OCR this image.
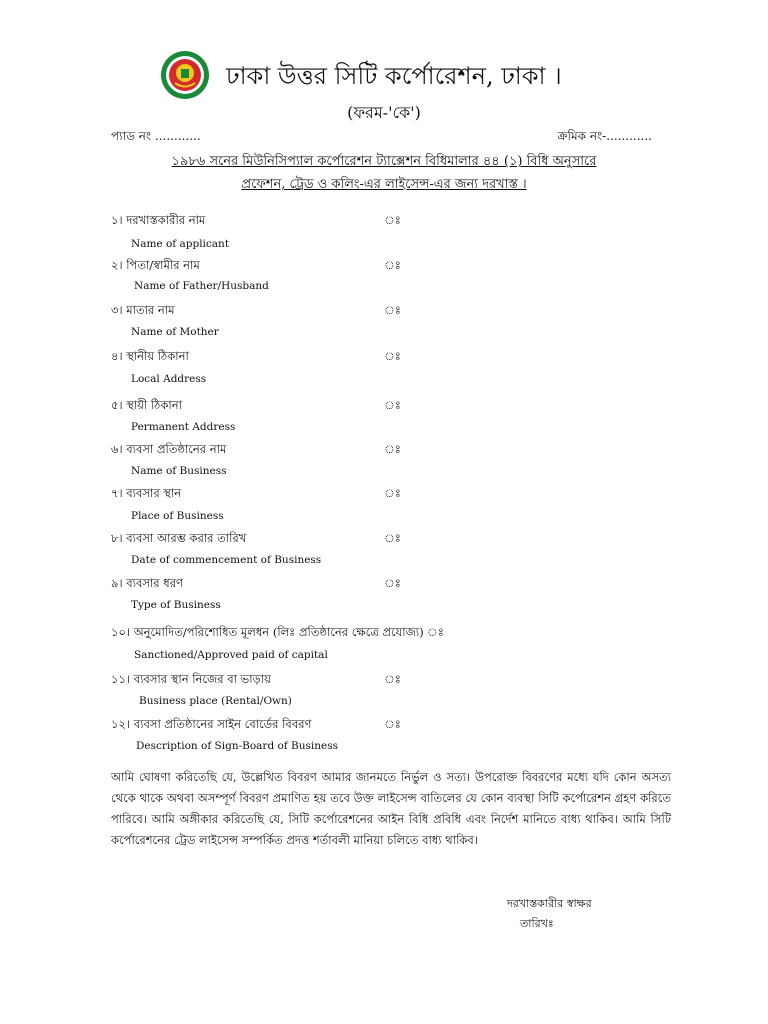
ঢাকা উত্তর সিটি কর্পোরেশন, ঢাকা ।
(ফরম-'কে')
প্যাড নং ............	ক্রমিক নং-............
১৯৮৬ সনের মিউনিসিপ্যাল কর্পোরেশন ট্যাক্সেশন বিধিমালার ৪৪ (১) বিধি অনুসারে
প্রফেশন, ট্রেড ও কলিং-এর লাইসেন্স-এর জন্য দরখাস্ত ।
১। দরখাস্তকারীর নাম	ঃ
Name of applicant
২। পিতা/স্বামীর নাম	ঃ
Name of Father/Husband
৩। মাতার নাম	ঃ
Name of Mother
৪। স্থানীয় ঠিকানা	ঃ
Local Address
৫। স্থায়ী ঠিকানা	ঃ
Permanent Address
৬। ব্যবসা প্রতিষ্ঠানের নাম	ঃ
Name of Business
৭। ব্যবসার স্থান	ঃ
Place of Business
৮। ব্যবসা আরম্ভ করার তারিখ	ঃ
Date of commencement of Business
৯। ব্যবসার ধরণ	ঃ
Type of Business
১০। অনুমোদিত/পরিশোধিত মূলধন (লিঃ প্রতিষ্ঠানের ক্ষেত্রে প্রযোজ্য) ঃ
Sanctioned/Approved paid of capital
১১। ব্যবসার স্থান নিজের বা ভাড়ায়	ঃ
Business place (Rental/Own)
১২। ব্যবসা প্রতিষ্ঠানের সাইন বোর্ডের বিবরণ	ঃ
Description of Sign-Board of Business
আমি ঘোষণা করিতেছি যে, উল্লেখিত বিবরণ আমার জানমতে নির্ভুল ও সত্য। উপরোক্ত বিবরণের মধ্যে যদি কোন অসত্য থেকে থাকে অথবা অসম্পূর্ণ বিবরণ প্রমাণিত হয় তবে উক্ত লাইসেন্স বাতিলের যে কোন ব্যবস্থা সিটি কর্পোরেশন গ্রহণ করিতে পারিবে। আমি অঙ্গীকার করিতেছি যে, সিটি কর্পোরেশনের আইন বিধি প্রবিধি এবং নির্দেশ মানিতে বাধ্য থাকিব। আমি সিটি কর্পোরেশনের ট্রেড লাইসেন্স সম্পর্কিত প্রদত্ত শর্তাবলী মানিয়া চলিতে বাধ্য থাকিব।
দরখাস্তকারীর স্বাক্ষর
তারিখঃ
